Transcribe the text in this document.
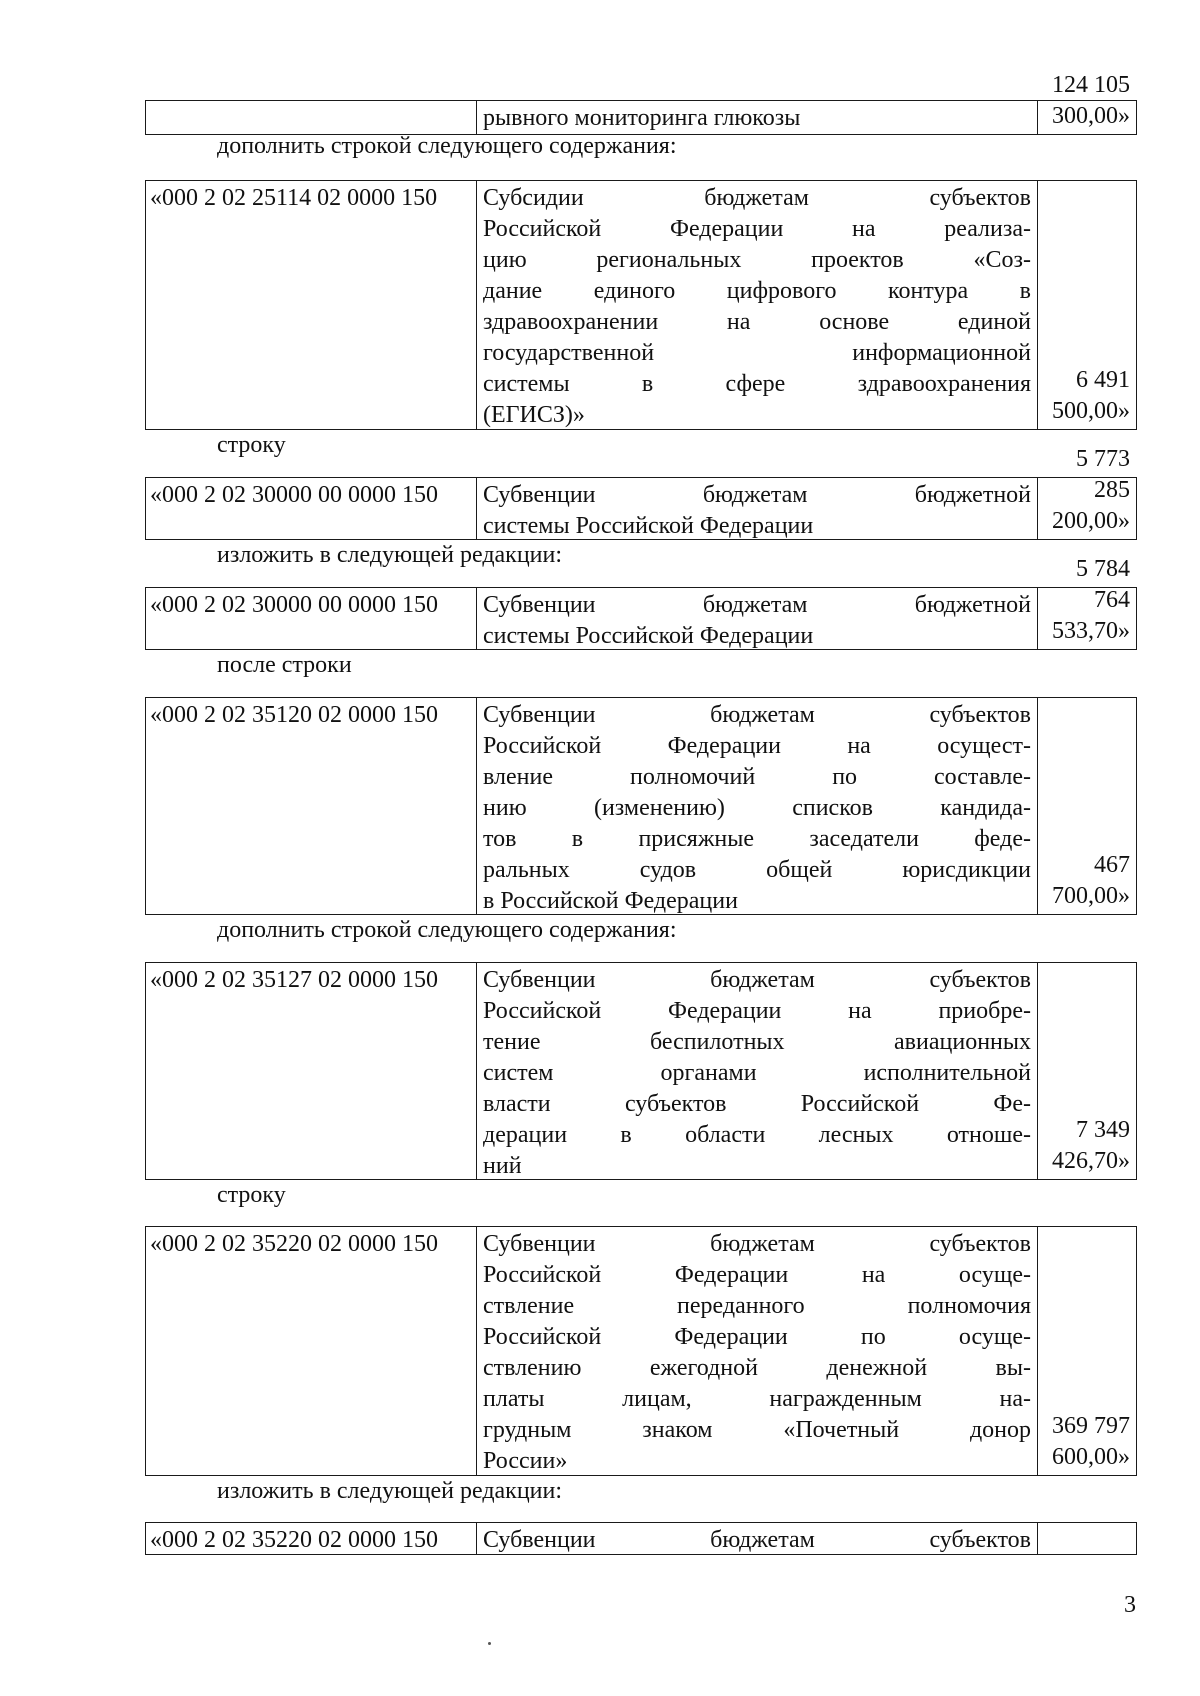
рывного мониторинга глюкозы
124 105 300,00»
дополнить строкой следующего содержания:
«000 2 02 25114 02 0000 150	Субсидии бюджетам субъектов
Российской Федерации на реализа-
цию региональных проектов «Соз-
дание единого цифрового контура в
здравоохранении на основе единой
государственной информационной
системы в сфере здравоохранения
(ЕГИСЗ)»
6 491 500,00»
строку
«000 2 02 30000 00 0000 150	Субвенции бюджетам бюджетной
системы Российской Федерации
5 773 285 200,00»
изложить в следующей редакции:
«000 2 02 30000 00 0000 150	Субвенции бюджетам бюджетной
системы Российской Федерации
5 784 764 533,70»
после строки
«000 2 02 35120 02 0000 150	Субвенции бюджетам субъектов
Российской Федерации на осущест-
вление полномочий по составле-
нию (изменению) списков кандида-
тов в присяжные заседатели феде-
ральных судов общей юрисдикции
в Российской Федерации
467 700,00»
дополнить строкой следующего содержания:
«000 2 02 35127 02 0000 150	Субвенции бюджетам субъектов
Российской Федерации на приобре-
тение беспилотных авиационных
систем органами исполнительной
власти субъектов Российской Фе-
дерации в области лесных отноше-
ний
7 349 426,70»
строку
«000 2 02 35220 02 0000 150	Субвенции бюджетам субъектов
Российской Федерации на осуще-
ствление переданного полномочия
Российской Федерации по осуще-
ствлению ежегодной денежной вы-
платы лицам, награжденным на-
грудным знаком «Почетный донор
России»
369 797 600,00»
изложить в следующей редакции:
«000 2 02 35220 02 0000 150	Субвенции бюджетам субъектов
3
